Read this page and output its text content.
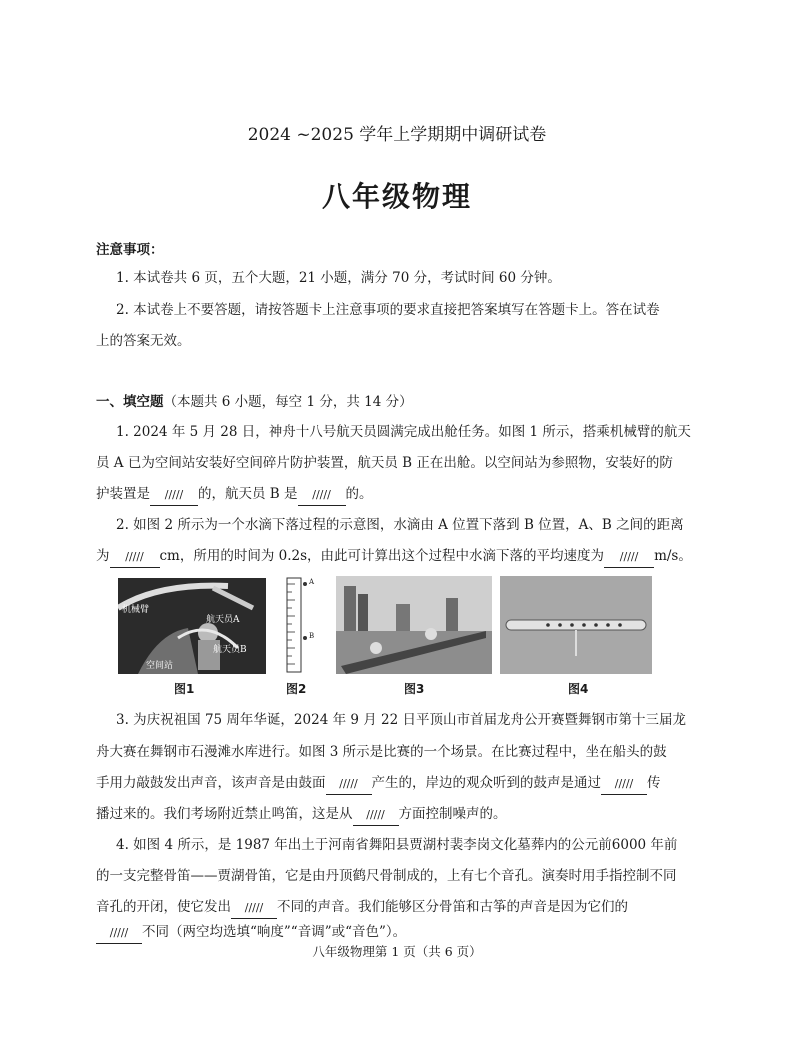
2024 ~2025 学年上学期期中调研试卷
八年级物理
注意事项：
1. 本试卷共 6 页，五个大题，21 小题，满分 70 分，考试时间 60 分钟。
2. 本试卷上不要答题，请按答题卡上注意事项的要求直接把答案填写在答题卡上。答在试卷
上的答案无效。
一、填空题（本题共 6 小题，每空 1 分，共 14 分）
1. 2024 年 5 月 28 日，神舟十八号航天员圆满完成出舱任务。如图 1 所示，搭乘机械臂的航天
员 A 已为空间站安装好空间碎片防护装置，航天员 B 正在出舱。以空间站为参照物，安装好的防
护装置是 ///// 的，航天员 B 是 ///// 的。
2. 如图 2 所示为一个水滴下落过程的示意图，水滴由 A 位置下落到 B 位置，A、B 之间的距离
为 ///// cm，所用的时间为 0.2s，由此可计算出这个过程中水滴下落的平均速度为 ///// m/s。
机械臂
航天员A
航天员B
空间站
图1
A
B
图2	图3	图4
3. 为庆祝祖国 75 周年华诞，2024 年 9 月 22 日平顶山市首届龙舟公开赛暨舞钢市第十三届龙
舟大赛在舞钢市石漫滩水库进行。如图 3 所示是比赛的一个场景。在比赛过程中，坐在船头的鼓
手用力敲鼓发出声音，该声音是由鼓面 ///// 产生的，岸边的观众听到的鼓声是通过 ///// 传
播过来的。我们考场附近禁止鸣笛，这是从 ///// 方面控制噪声的。
4. 如图 4 所示，是 1987 年出土于河南省舞阳县贾湖村裴李岗文化墓葬内的公元前6000 年前
的一支完整骨笛——贾湖骨笛，它是由丹顶鹤尺骨制成的，上有七个音孔。演奏时用手指控制不同
音孔的开闭，使它发出 ///// 不同的声音。我们能够区分骨笛和古筝的声音是因为它们的
///// 不同（两空均选填“响度”“音调”或“音色”）。
八年级物理第 1 页（共 6 页）
